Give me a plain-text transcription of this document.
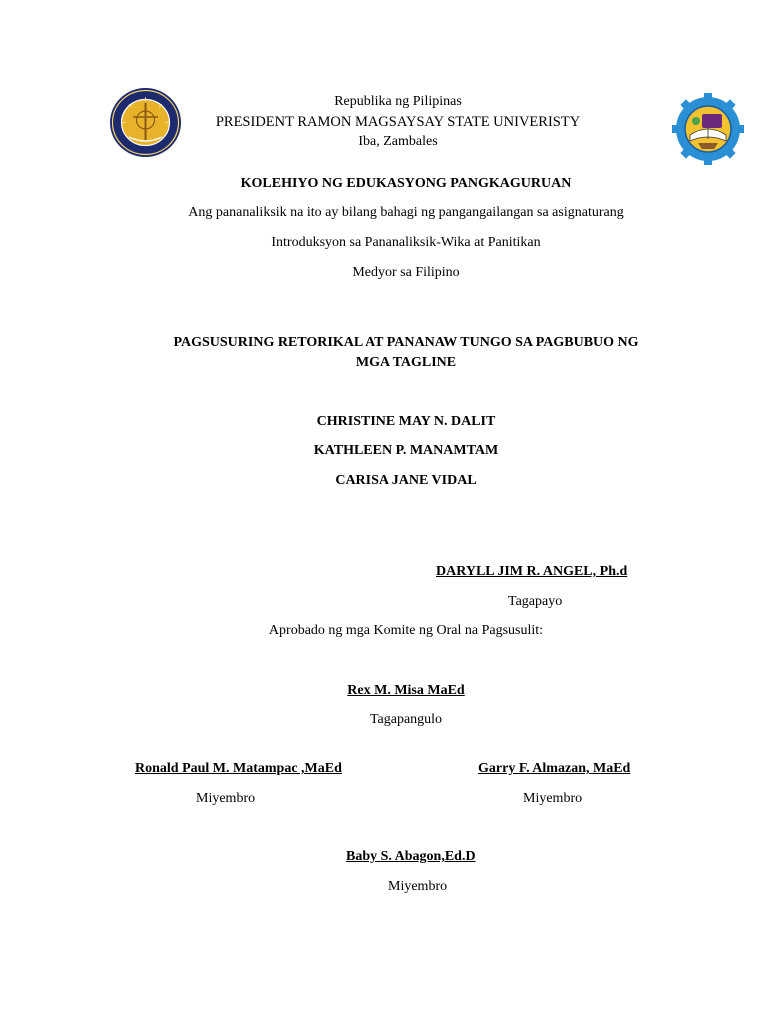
Republika ng Pilipinas
PRESIDENT RAMON MAGSAYSAY STATE UNIVERISTY
Iba, Zambales
KOLEHIYO NG EDUKASYONG PANGKAGURUAN
Ang pananaliksik na ito ay bilang bahagi ng pangangailangan sa asignaturang
Introduksyon sa Pananaliksik-Wika at Panitikan
Medyor sa Filipino
PAGSUSURING RETORIKAL AT PANANAW TUNGO SA PAGBUBUO NG
MGA TAGLINE
CHRISTINE MAY N. DALIT
KATHLEEN P. MANAMTAM
CARISA JANE VIDAL
DARYLL JIM R. ANGEL, Ph.d
Tagapayo
Aprobado ng mga Komite ng Oral na Pagsusulit:
Rex M. Misa MaEd
Tagapangulo
Ronald Paul M. Matampac ,MaEd
Miyembro
Garry F. Almazan, MaEd
Miyembro
Baby S. Abagon,Ed.D
Miyembro
